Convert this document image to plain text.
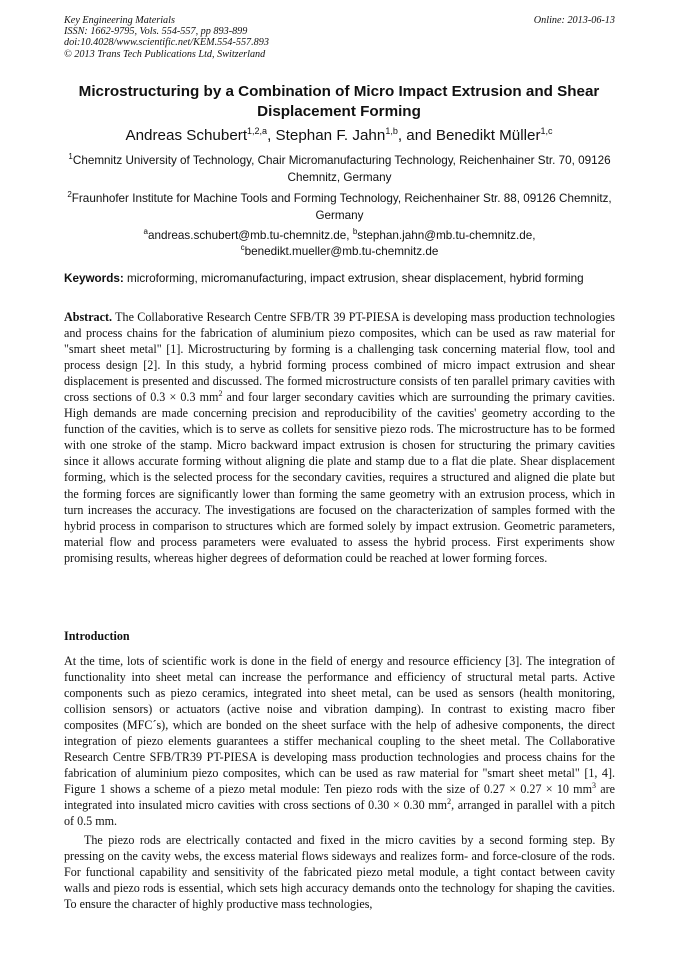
Key Engineering Materials
ISSN: 1662-9795, Vols. 554-557, pp 893-899
doi:10.4028/www.scientific.net/KEM.554-557.893
© 2013 Trans Tech Publications Ltd, Switzerland
Online: 2013-06-13
Microstructuring by a Combination of Micro Impact Extrusion and Shear Displacement Forming
Andreas Schubert$^{1,2,a}$, Stephan F. Jahn$^{1,b}$, and Benedikt Müller$^{1,c}$
$^1$Chemnitz University of Technology, Chair Micromanufacturing Technology, Reichenhainer Str. 70, 09126 Chemnitz, Germany
$^2$Fraunhofer Institute for Machine Tools and Forming Technology, Reichenhainer Str. 88, 09126 Chemnitz, Germany
$^a$andreas.schubert@mb.tu-chemnitz.de, $^b$stephan.jahn@mb.tu-chemnitz.de,
$^c$benedikt.mueller@mb.tu-chemnitz.de
Keywords: microforming, micromanufacturing, impact extrusion, shear displacement, hybrid forming

Abstract. The Collaborative Research Centre SFB/TR 39 PT-PIESA is developing mass production technologies and process chains for the fabrication of aluminium piezo composites, which can be used as raw material for "smart sheet metal" [1]. Microstructuring by forming is a challenging task concerning material flow, tool and process design [2]. In this study, a hybrid forming process combined of micro impact extrusion and shear displacement is presented and discussed. The formed microstructure consists of ten parallel primary cavities with cross sections of 0.3 × 0.3 $mm^2$ and four larger secondary cavities which are surrounding the primary cavities. High demands are made concerning precision and reproducibility of the cavities' geometry according to the function of the cavities, which is to serve as collets for sensitive piezo rods. The microstructure has to be formed with one stroke of the stamp. Micro backward impact extrusion is chosen for structuring the primary cavities since it allows accurate forming without aligning die plate and stamp due to a flat die plate. Shear displacement forming, which is the selected process for the secondary cavities, requires a structured and aligned die plate but the forming forces are significantly lower than forming the same geometry with an extrusion process, which in turn increases the accuracy. The investigations are focused on the characterization of samples formed with the hybrid process in comparison to structures which are formed solely by impact extrusion. Geometric parameters, material flow and process parameters were evaluated to assess the hybrid process. First experiments show promising results, whereas higher degrees of deformation could be reached at lower forming forces.

Introduction

At the time, lots of scientific work is done in the field of energy and resource efficiency [3]. The integration of functionality into sheet metal can increase the performance and efficiency of structural metal parts. Active components such as piezo ceramics, integrated into sheet metal, can be used as sensors (health monitoring, collision sensors) or actuators (active noise and vibration damping). In contrast to existing macro fiber composites (MFC´s), which are bonded on the sheet surface with the help of adhesive components, the direct integration of piezo elements guarantees a stiffer mechanical coupling to the sheet metal. The Collaborative Research Centre SFB/TR39 PT-PIESA is developing mass production technologies and process chains for the fabrication of aluminium piezo composites, which can be used as raw material for "smart sheet metal" [1, 4]. Figure 1 shows a scheme of a piezo metal module: Ten piezo rods with the size of 0.27 × 0.27 × 10 $mm^3$ are integrated into insulated micro cavities with cross sections of 0.30 × 0.30 $mm^2$, arranged in parallel with a pitch of 0.5 mm.

The piezo rods are electrically contacted and fixed in the micro cavities by a second forming step. By pressing on the cavity webs, the excess material flows sideways and realizes form- and force-closure of the rods. For functional capability and sensitivity of the fabricated piezo metal module, a tight contact between cavity walls and piezo rods is essential, which sets high accuracy demands onto the technology for shaping the cavities. To ensure the character of highly productive mass technologies,
